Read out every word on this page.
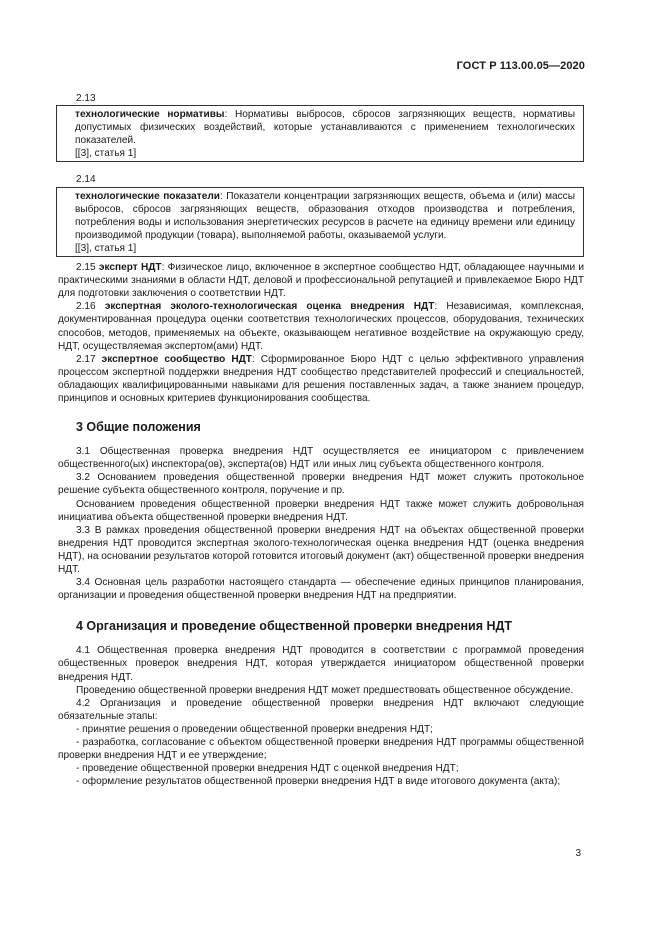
ГОСТ Р 113.00.05—2020
2.13

технологические нормативы: Нормативы выбросов, сбросов загрязняющих веществ, нормативы допустимых физических воздействий, которые устанавливаются с применением технологических показателей.

[[3], статья 1]

2.14

технологические показатели: Показатели концентрации загрязняющих веществ, объема и (или) массы выбросов, сбросов загрязняющих веществ, образования отходов производства и потребления, потребления воды и использования энергетических ресурсов в расчете на единицу времени или единицу производимой продукции (товара), выполняемой работы, оказываемой услуги.

[[3], статья 1]

2.15 эксперт НДТ: Физическое лицо, включенное в экспертное сообщество НДТ, обладающее научными и практическими знаниями в области НДТ, деловой и профессиональной репутацией и привлекаемое Бюро НДТ для подготовки заключения о соответствии НДТ.

2.16 экспертная эколого-технологическая оценка внедрения НДТ: Независимая, комплексная, документированная процедура оценки соответствия технологических процессов, оборудования, технических способов, методов, применяемых на объекте, оказывающем негативное воздействие на окружающую среду, НДТ, осуществляемая экспертом(ами) НДТ.

2.17 экспертное сообщество НДТ: Сформированное Бюро НДТ с целью эффективного управления процессом экспертной поддержки внедрения НДТ сообщество представителей профессий и специальностей, обладающих квалифицированными навыками для решения поставленных задач, а также знанием процедур, принципов и основных критериев функционирования сообщества.

3 Общие положения

3.1 Общественная проверка внедрения НДТ осуществляется ее инициатором с привлечением общественного(ых) инспектора(ов), эксперта(ов) НДТ или иных лиц субъекта общественного контроля.

3.2 Основанием проведения общественной проверки внедрения НДТ может служить протокольное решение субъекта общественного контроля, поручение и пр.

Основанием проведения общественной проверки внедрения НДТ также может служить добровольная инициатива объекта общественной проверки внедрения НДТ.

3.3 В рамках проведения общественной проверки внедрения НДТ на объектах общественной проверки внедрения НДТ проводится экспертная эколого-технологическая оценка внедрения НДТ (оценка внедрения НДТ), на основании результатов которой готовится итоговый документ (акт) общественной проверки внедрения НДТ.

3.4 Основная цель разработки настоящего стандарта — обеспечение единых принципов планирования, организации и проведения общественной проверки внедрения НДТ на предприятии.

4 Организация и проведение общественной проверки внедрения НДТ

4.1 Общественная проверка внедрения НДТ проводится в соответствии с программой проведения общественных проверок внедрения НДТ, которая утверждается инициатором общественной проверки внедрения НДТ.

Проведению общественной проверки внедрения НДТ может предшествовать общественное обсуждение.

4.2 Организация и проведение общественной проверки внедрения НДТ включают следующие обязательные этапы:

- принятие решения о проведении общественной проверки внедрения НДТ;

- разработка, согласование с объектом общественной проверки внедрения НДТ программы общественной проверки внедрения НДТ и ее утверждение;

- проведение общественной проверки внедрения НДТ с оценкой внедрения НДТ;

- оформление результатов общественной проверки внедрения НДТ в виде итогового документа (акта);

3
